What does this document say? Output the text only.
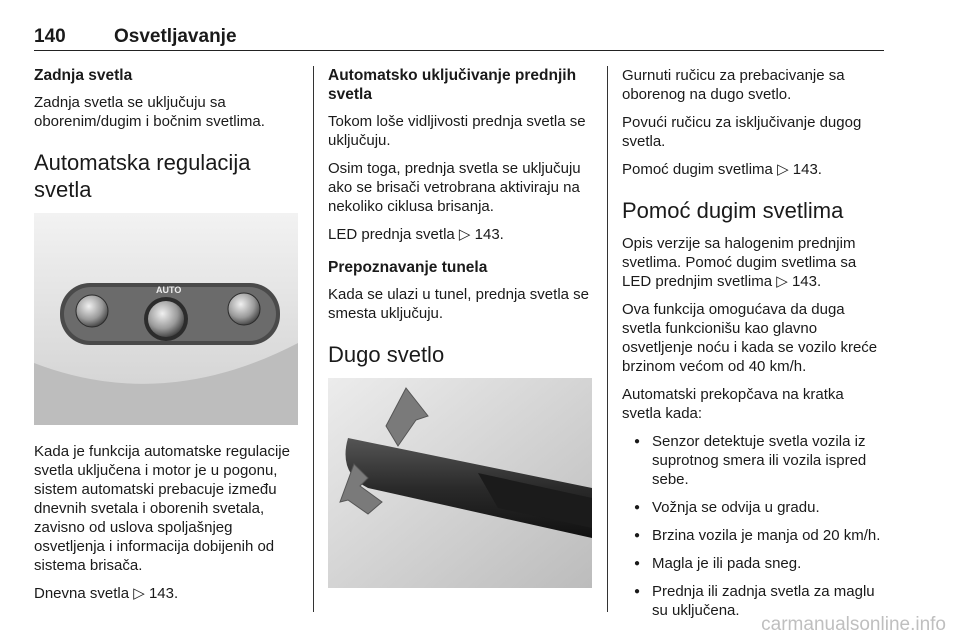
140	Osvetljavanje
Zadnja svetla

Zadnja svetla se uključuju sa oborenim/dugim i bočnim svetlima.

Automatska regulacija svetla
AUTO

Kada je funkcija automatske regulacije svetla uključena i motor je u pogonu, sistem automatski prebacuje između dnevnih svetala i oborenih svetala, zavisno od uslova spoljašnjeg osvetljenja i informacija dobijenih od sistema brisača.

Dnevna svetla ▷ 143.

Automatsko uključivanje prednjih svetla

Tokom loše vidljivosti prednja svetla se uključuju.

Osim toga, prednja svetla se uključuju ako se brisači vetrobrana aktiviraju na nekoliko ciklusa brisanja.

LED prednja svetla ▷ 143.

Prepoznavanje tunela

Kada se ulazi u tunel, prednja svetla se smesta uključuju.

Dugo svetlo

Gurnuti ručicu za prebacivanje sa oborenog na dugo svetlo.

Povući ručicu za isključivanje dugog svetla.

Pomoć dugim svetlima ▷ 143.

Pomoć dugim svetlima

Opis verzije sa halogenim prednjim svetlima. Pomoć dugim svetlima sa LED prednjim svetlima ▷ 143.

Ova funkcija omogućava da duga svetla funkcionišu kao glavno osvetljenje noću i kada se vozilo kreće brzinom većom od 40 km/h.

Automatski prekopčava na kratka svetla kada:

● Senzor detektuje svetla vozila iz suprotnog smera ili vozila ispred sebe.
● Vožnja se odvija u gradu.
● Brzina vozila je manja od 20 km/h.
● Magla je ili pada sneg.
● Prednja ili zadnja svetla za maglu su uključena.
carmanualsonline.info
